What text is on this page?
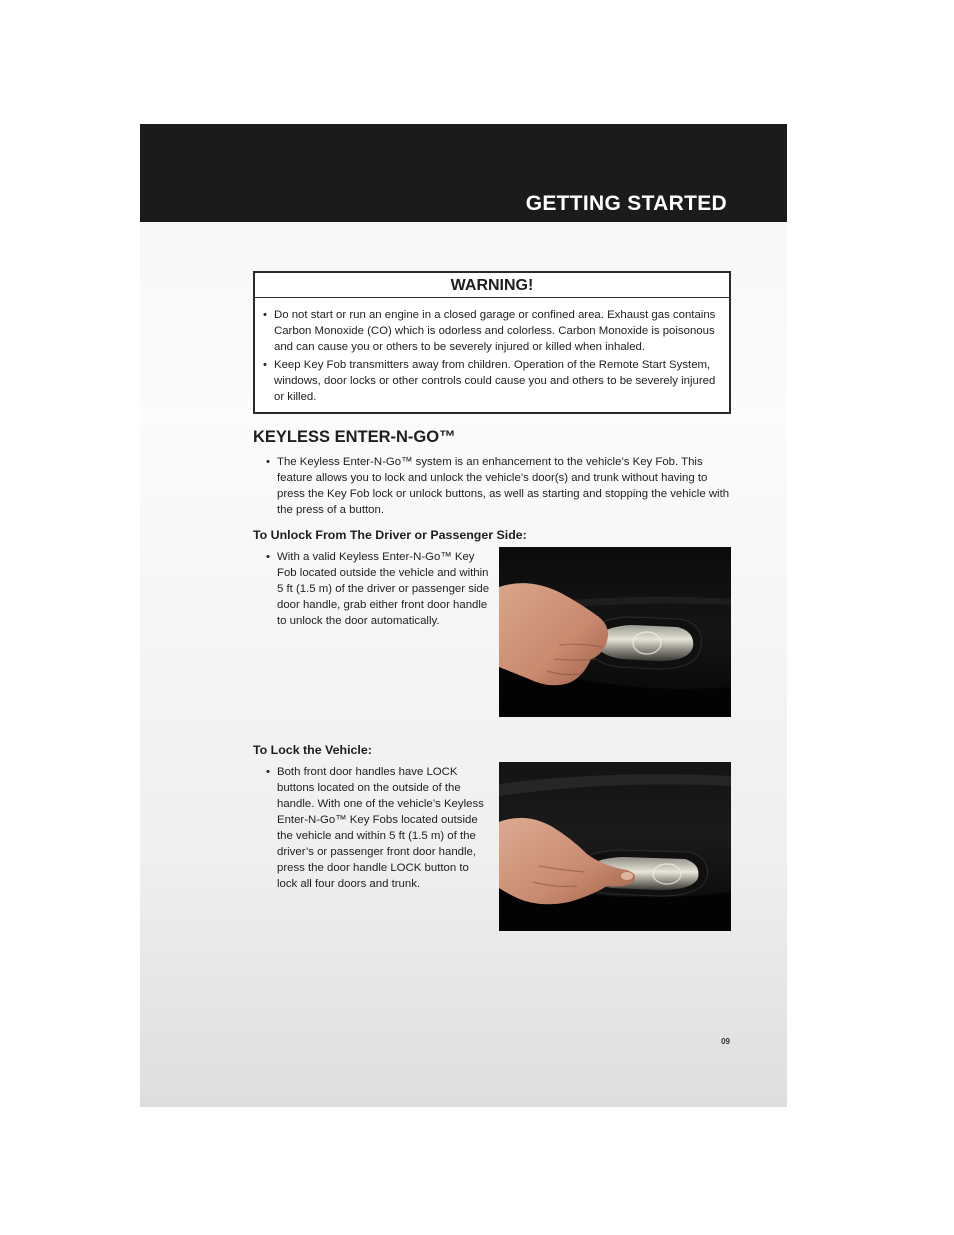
GETTING STARTED
WARNING!
• Do not start or run an engine in a closed garage or confined area. Exhaust gas contains Carbon Monoxide (CO) which is odorless and colorless. Carbon Monoxide is poisonous and can cause you or others to be severely injured or killed when inhaled.
• Keep Key Fob transmitters away from children. Operation of the Remote Start System, windows, door locks or other controls could cause you and others to be severely injured or killed.
KEYLESS ENTER-N-GO™
• The Keyless Enter-N-Go™ system is an enhancement to the vehicle’s Key Fob. This feature allows you to lock and unlock the vehicle’s door(s) and trunk without having to press the Key Fob lock or unlock buttons, as well as starting and stopping the vehicle with the press of a button.
To Unlock From The Driver or Passenger Side:
• With a valid Keyless Enter-N-Go™ Key Fob located outside the vehicle and within 5 ft (1.5 m) of the driver or passenger side door handle, grab either front door handle to unlock the door automatically.
To Lock the Vehicle:
• Both front door handles have LOCK buttons located on the outside of the handle. With one of the vehicle’s Keyless Enter-N-Go™ Key Fobs located outside the vehicle and within 5 ft (1.5 m) of the driver’s or passenger front door handle, press the door handle LOCK button to lock all four doors and trunk.
09
